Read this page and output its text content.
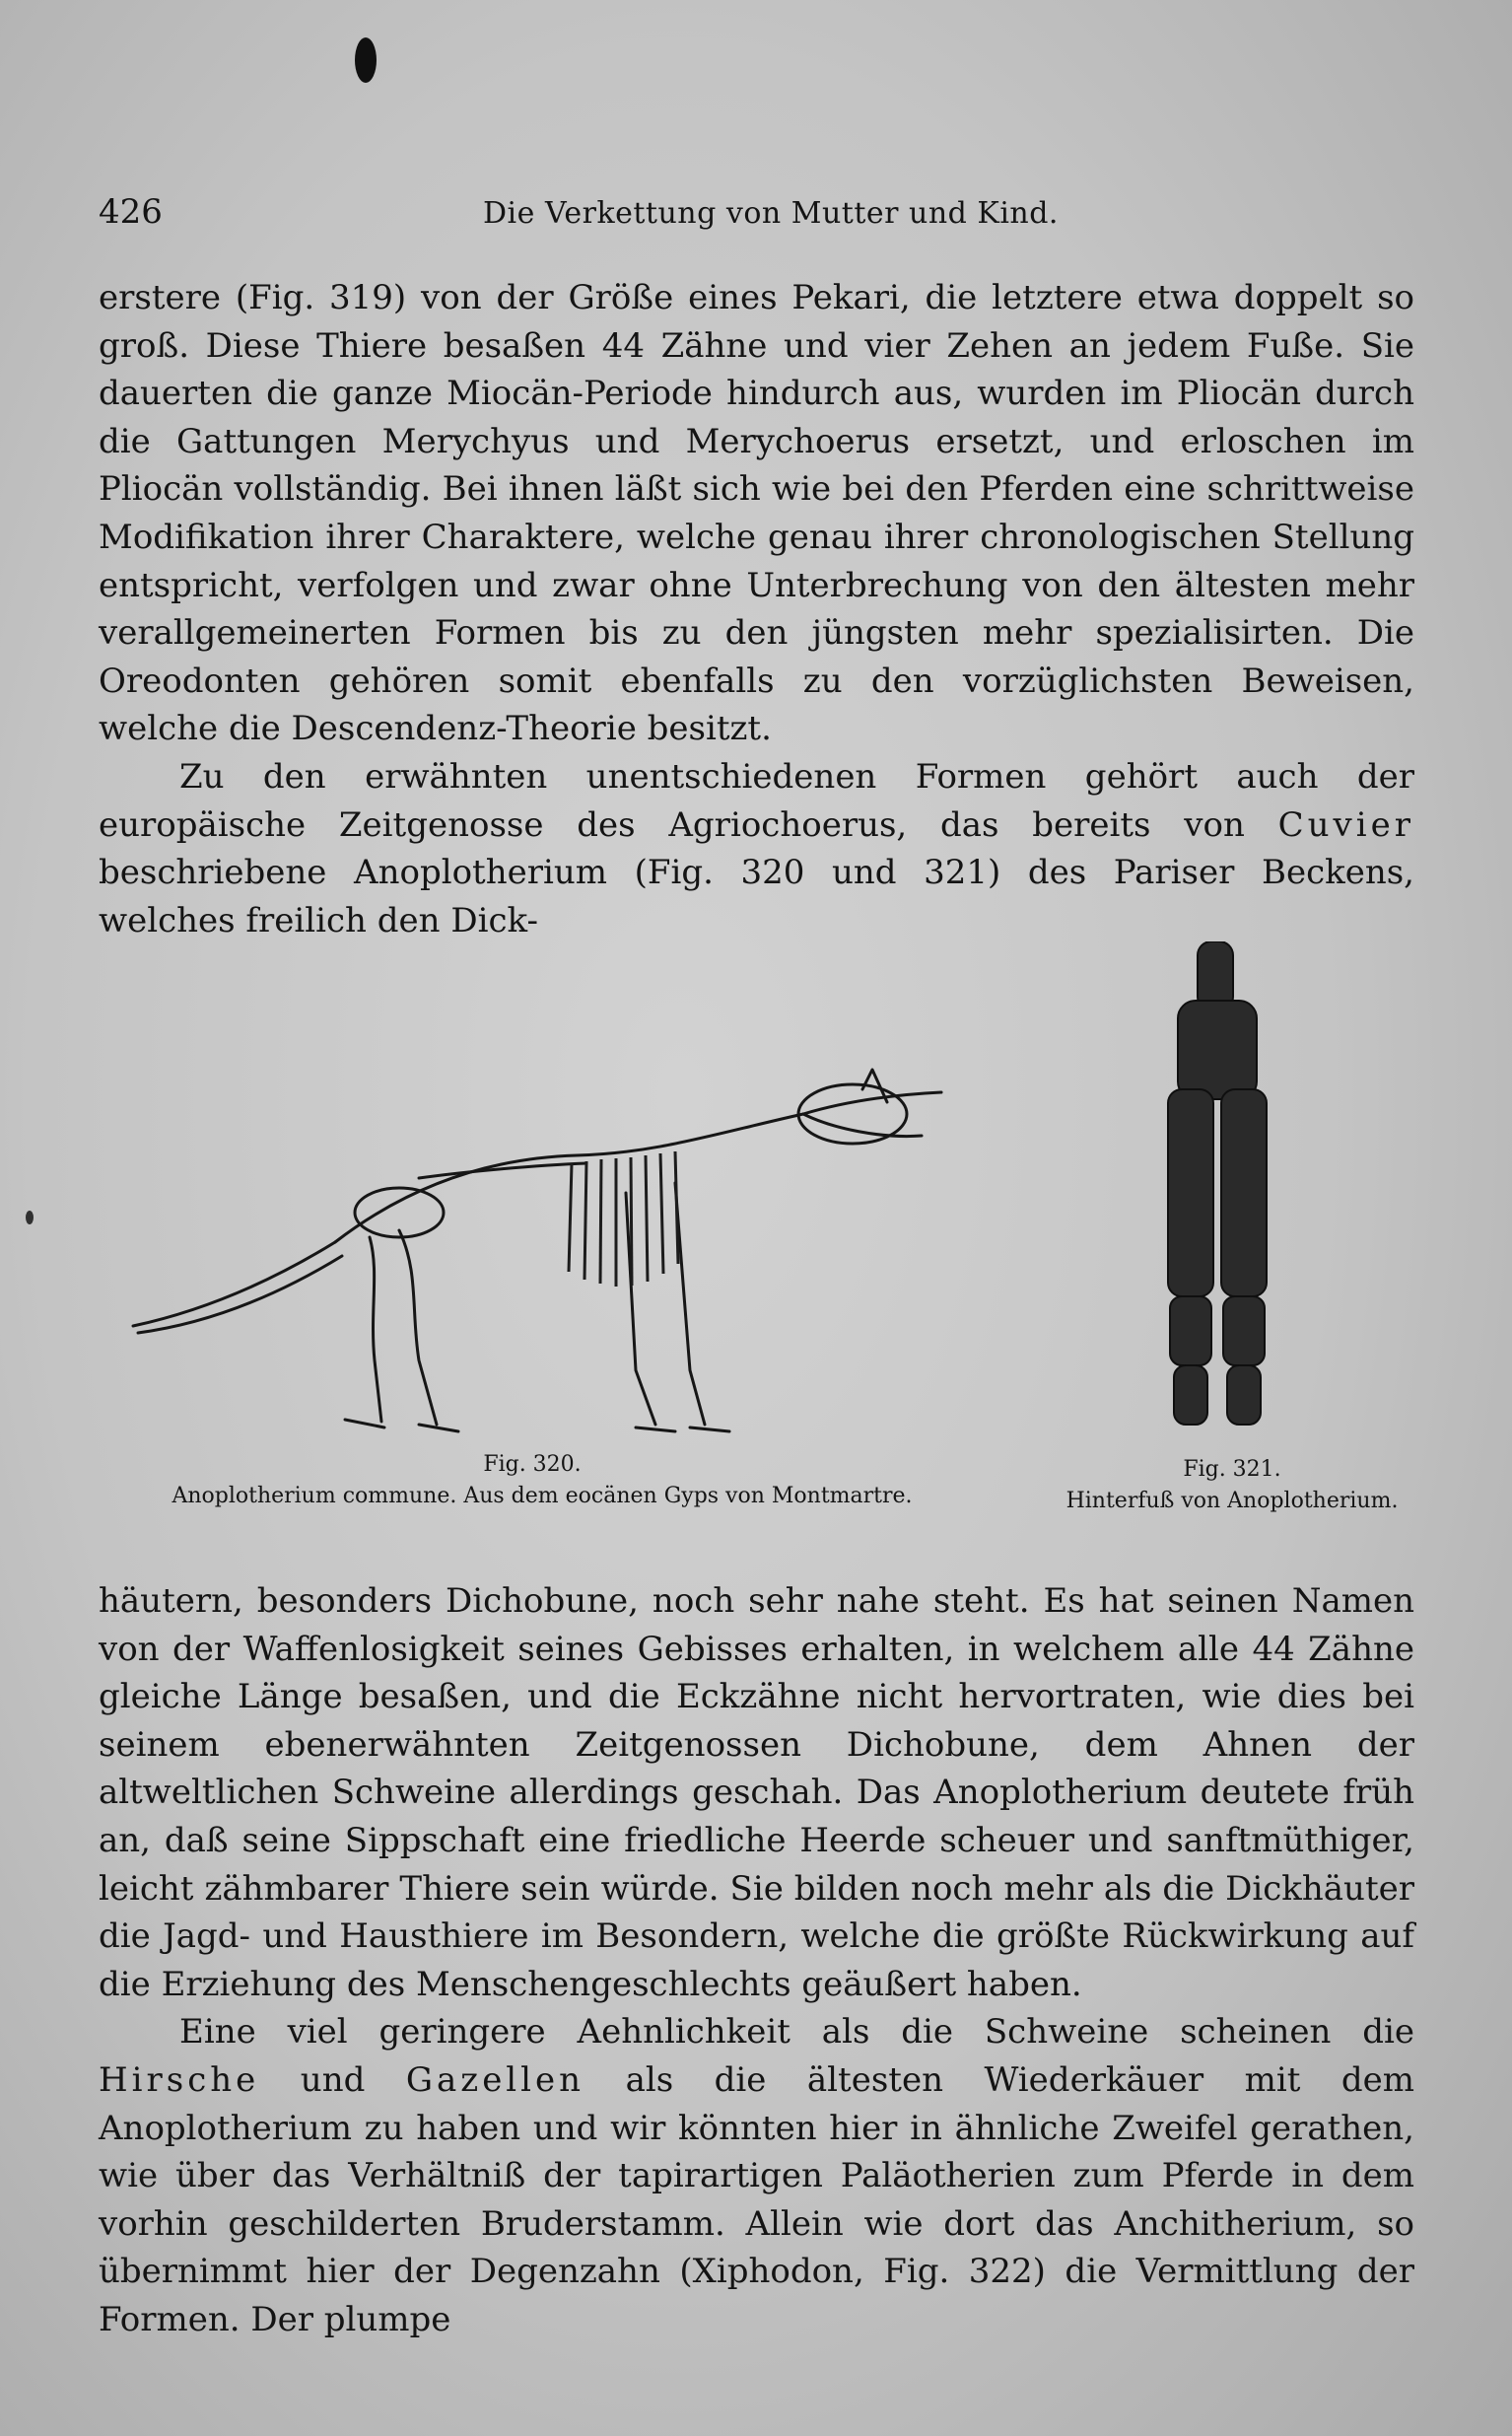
426	Die Verkettung von Mutter und Kind.

erstere (Fig. 319) von der Größe eines Pekari, die letztere etwa doppelt so groß. Diese Thiere besaßen 44 Zähne und vier Zehen an jedem Fuße. Sie dauerten die ganze Miocän-Periode hindurch aus, wurden im Pliocän durch die Gattungen Merychyus und Merychoerus ersetzt, und erloschen im Pliocän vollständig. Bei ihnen läßt sich wie bei den Pferden eine schrittweise Modifikation ihrer Charaktere, welche genau ihrer chronologischen Stellung entspricht, verfolgen und zwar ohne Unterbrechung von den ältesten mehr verallgemeinerten Formen bis zu den jüngsten mehr spezialisirten. Die Oreodonten gehören somit ebenfalls zu den vorzüglichsten Beweisen, welche die Descendenz-Theorie besitzt.

Zu den erwähnten unentschiedenen Formen gehört auch der europäische Zeitgenosse des Agriochoerus, das bereits von Cuvier beschriebene Anoplotherium (Fig. 320 und 321) des Pariser Beckens, welches freilich den Dick-

Fig. 320.
Anoplotherium commune. Aus dem eocänen Gyps von Montmartre.
Fig. 321.
Hinterfuß von Anoplotherium.

häutern, besonders Dichobune, noch sehr nahe steht. Es hat seinen Namen von der Waffenlosigkeit seines Gebisses erhalten, in welchem alle 44 Zähne gleiche Länge besaßen, und die Eckzähne nicht hervortraten, wie dies bei seinem ebenerwähnten Zeitgenossen Dichobune, dem Ahnen der altweltlichen Schweine allerdings geschah. Das Anoplotherium deutete früh an, daß seine Sippschaft eine friedliche Heerde scheuer und sanftmüthiger, leicht zähmbarer Thiere sein würde. Sie bilden noch mehr als die Dickhäuter die Jagd- und Hausthiere im Besondern, welche die größte Rückwirkung auf die Erziehung des Menschengeschlechts geäußert haben.

Eine viel geringere Aehnlichkeit als die Schweine scheinen die Hirsche und Gazellen als die ältesten Wiederkäuer mit dem Anoplotherium zu haben und wir könnten hier in ähnliche Zweifel gerathen, wie über das Verhältniß der tapirartigen Paläotherien zum Pferde in dem vorhin geschilderten Bruderstamm. Allein wie dort das Anchitherium, so übernimmt hier der Degenzahn (Xiphodon, Fig. 322) die Vermittlung der Formen. Der plumpe
